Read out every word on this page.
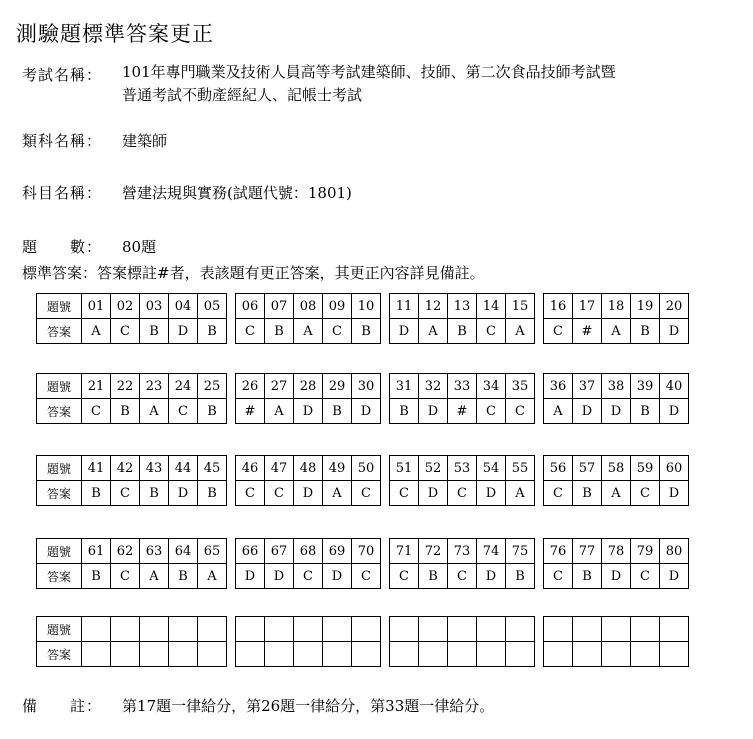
測驗題標準答案更正
考試名稱： 101年專門職業及技術人員高等考試建築師、技師、第二次食品技師考試暨
普通考試不動產經紀人、記帳士考試
類科名稱： 建築師
科目名稱： 營建法規與實務(試題代號：1801)
題　　數： 80題
標準答案：答案標註#者，表該題有更正答案，其更正內容詳見備註。
題號	01	02	03	04	05		06	07	08	09	10		11	12	13	14	15		16	17	18	19	20
答案	A	C	B	D	B		C	B	A	C	B		D	A	B	C	A		C	#	A	B	D
題號	21	22	23	24	25		26	27	28	29	30		31	32	33	34	35		36	37	38	39	40
答案	C	B	A	C	B		#	A	D	B	D		B	D	#	C	C		A	D	D	B	D
題號	41	42	43	44	45		46	47	48	49	50		51	52	53	54	55		56	57	58	59	60
答案	B	C	B	D	B		C	C	D	A	C		C	D	C	D	A		C	B	A	C	D
題號	61	62	63	64	65		66	67	68	69	70		71	72	73	74	75		76	77	78	79	80
答案	B	C	A	B	A		D	D	C	D	C		C	B	C	D	B		C	B	D	C	D
題號																							
答案																							
備　　註： 第17題一律給分，第26題一律給分，第33題一律給分。
